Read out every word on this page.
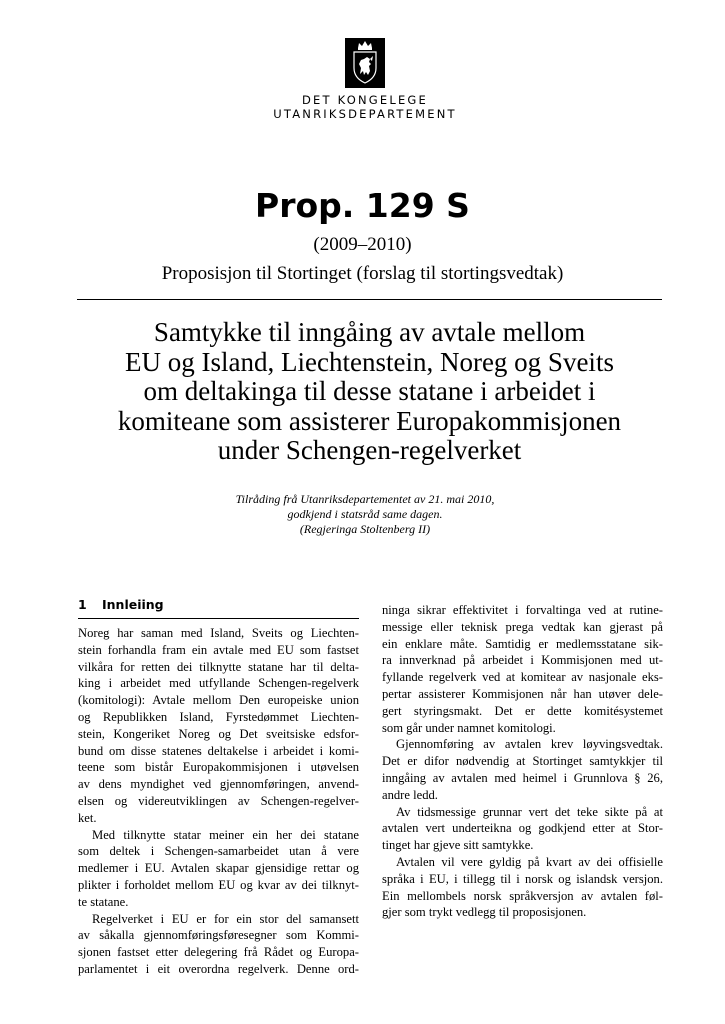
DET KONGELEGE
UTANRIKSDEPARTEMENT
Prop. 129 S
(2009–2010)
Proposisjon til Stortinget (forslag til stortingsvedtak)
Samtykke til inngåing av avtale mellom
EU og Island, Liechtenstein, Noreg og Sveits
om deltakinga til desse statane i arbeidet i
komiteane som assisterer Europakommisjonen
under Schengen-regelverket
Tilråding frå Utanriksdepartementet av 21. mai 2010,
godkjend i statsråd same dagen.
(Regjeringa Stoltenberg II)
1 Innleiing
Noreg har saman med Island, Sveits og Liechten-
stein forhandla fram ein avtale med EU som fastset
vilkåra for retten dei tilknytte statane har til delta-
king i arbeidet med utfyllande Schengen-regelverk
(komitologi): Avtale mellom Den europeiske union
og Republikken Island, Fyrstedømmet Liechten-
stein, Kongeriket Noreg og Det sveitsiske edsfor-
bund om disse statenes deltakelse i arbeidet i komi-
teene som bistår Europakommisjonen i utøvelsen
av dens myndighet ved gjennomføringen, anvend-
elsen og videreutviklingen av Schengen-regelver-
ket.
Med tilknytte statar meiner ein her dei statane
som deltek i Schengen-samarbeidet utan å vere
medlemer i EU. Avtalen skapar gjensidige rettar og
plikter i forholdet mellom EU og kvar av dei tilknyt-
te statane.
Regelverket i EU er for ein stor del samansett
av såkalla gjennomføringsføresegner som Kommi-
sjonen fastset etter delegering frå Rådet og Europa-
parlamentet i eit overordna regelverk. Denne ord-
ninga sikrar effektivitet i forvaltinga ved at rutine-
messige eller teknisk prega vedtak kan gjerast på
ein enklare måte. Samtidig er medlemsstatane sik-
ra innverknad på arbeidet i Kommisjonen med ut-
fyllande regelverk ved at komitear av nasjonale eks-
pertar assisterer Kommisjonen når han utøver dele-
gert styringsmakt. Det er dette komitésystemet
som går under namnet komitologi.
Gjennomføring av avtalen krev løyvingsvedtak.
Det er difor nødvendig at Stortinget samtykkjer til
inngåing av avtalen med heimel i Grunnlova § 26,
andre ledd.
Av tidsmessige grunnar vert det teke sikte på at
avtalen vert underteikna og godkjend etter at Stor-
tinget har gjeve sitt samtykke.
Avtalen vil vere gyldig på kvart av dei offisielle
språka i EU, i tillegg til i norsk og islandsk versjon.
Ein mellombels norsk språkversjon av avtalen føl-
gjer som trykt vedlegg til proposisjonen.
